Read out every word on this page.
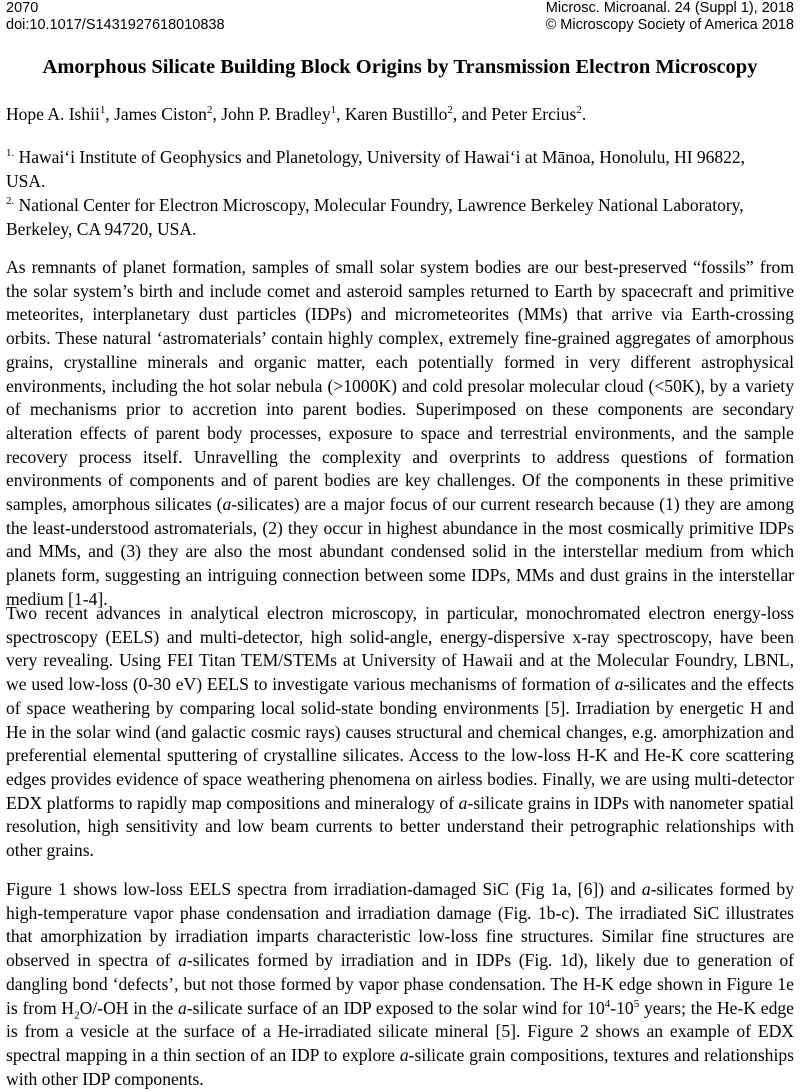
2070
doi:10.1017/S1431927618010838
Microsc. Microanal. 24 (Suppl 1), 2018
© Microscopy Society of America 2018
Amorphous Silicate Building Block Origins by Transmission Electron Microscopy
Hope A. Ishii$^1$, James Ciston$^2$, John P. Bradley$^1$, Karen Bustillo$^2$, and Peter Ercius$^2$.
$^{1.}$ Hawai‘i Institute of Geophysics and Planetology, University of Hawai‘i at Mānoa, Honolulu, HI 96822, USA.
$^{2.}$ National Center for Electron Microscopy, Molecular Foundry, Lawrence Berkeley National Laboratory, Berkeley, CA 94720, USA.

As remnants of planet formation, samples of small solar system bodies are our best-preserved “fossils” from the solar system’s birth and include comet and asteroid samples returned to Earth by spacecraft and primitive meteorites, interplanetary dust particles (IDPs) and micrometeorites (MMs) that arrive via Earth-crossing orbits. These natural ‘astromaterials’ contain highly complex, extremely fine-grained aggregates of amorphous grains, crystalline minerals and organic matter, each potentially formed in very different astrophysical environments, including the hot solar nebula (>1000K) and cold presolar molecular cloud (<50K), by a variety of mechanisms prior to accretion into parent bodies. Superimposed on these components are secondary alteration effects of parent body processes, exposure to space and terrestrial environments, and the sample recovery process itself. Unravelling the complexity and overprints to address questions of formation environments of components and of parent bodies are key challenges. Of the components in these primitive samples, amorphous silicates (a-silicates) are a major focus of our current research because (1) they are among the least-understood astromaterials, (2) they occur in highest abundance in the most cosmically primitive IDPs and MMs, and (3) they are also the most abundant condensed solid in the interstellar medium from which planets form, suggesting an intriguing connection between some IDPs, MMs and dust grains in the interstellar medium [1-4].

Two recent advances in analytical electron microscopy, in particular, monochromated electron energy-loss spectroscopy (EELS) and multi-detector, high solid-angle, energy-dispersive x-ray spectroscopy, have been very revealing. Using FEI Titan TEM/STEMs at University of Hawaii and at the Molecular Foundry, LBNL, we used low-loss (0-30 eV) EELS to investigate various mechanisms of formation of a-silicates and the effects of space weathering by comparing local solid-state bonding environments [5]. Irradiation by energetic H and He in the solar wind (and galactic cosmic rays) causes structural and chemical changes, e.g. amorphization and preferential elemental sputtering of crystalline silicates. Access to the low-loss H-K and He-K core scattering edges provides evidence of space weathering phenomena on airless bodies. Finally, we are using multi-detector EDX platforms to rapidly map compositions and mineralogy of a-silicate grains in IDPs with nanometer spatial resolution, high sensitivity and low beam currents to better understand their petrographic relationships with other grains.

Figure 1 shows low-loss EELS spectra from irradiation-damaged SiC (Fig 1a, [6]) and a-silicates formed by high-temperature vapor phase condensation and irradiation damage (Fig. 1b-c). The irradiated SiC illustrates that amorphization by irradiation imparts characteristic low-loss fine structures. Similar fine structures are observed in spectra of a-silicates formed by irradiation and in IDPs (Fig. 1d), likely due to generation of dangling bond ‘defects’, but not those formed by vapor phase condensation. The H-K edge shown in Figure 1e is from $H_2O/-OH$ in the a-silicate surface of an IDP exposed to the solar wind for $10^4-10^5$ years; the He-K edge is from a vesicle at the surface of a He-irradiated silicate mineral [5]. Figure 2 shows an example of EDX spectral mapping in a thin section of an IDP to explore a-silicate grain compositions, textures and relationships with other IDP components.
